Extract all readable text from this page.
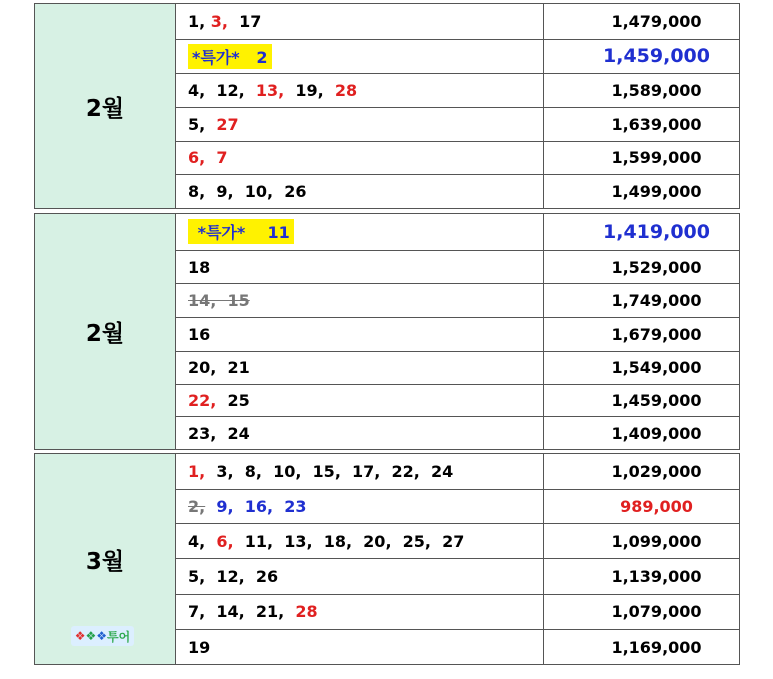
2월
1, 3,  17	1,479,000
*특가*   2	1,459,000
4,  12,  13,  19,  28	1,589,000
5,  27	1,639,000
6,  7	1,599,000
8,  9,  10,  26	1,499,000
2월
*특가*    11	1,419,000
18	1,529,000
14,  15	1,749,000
16	1,679,000
20,  21	1,549,000
22,  25	1,459,000
23,  24	1,409,000
3월
❖❖❖ 투어
1,  3,  8,  10,  15,  17,  22,  24	1,029,000
2,  9,  16,  23	989,000
4,  6,  11,  13,  18,  20,  25,  27	1,099,000
5,  12,  26	1,139,000
7,  14,  21,  28	1,079,000
19	1,169,000
